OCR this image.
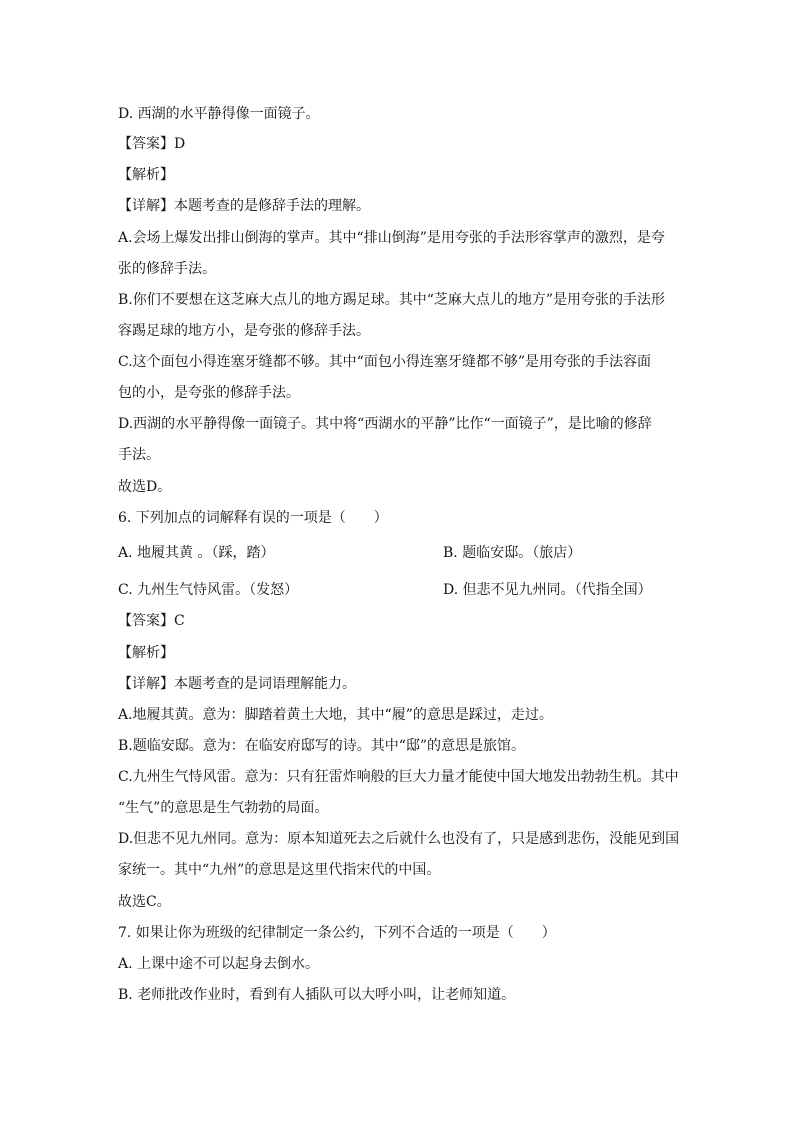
D. 西湖的水平静得像一面镜子。
【答案】D
【解析】
【详解】本题考查的是修辞手法的理解。
A.会场上爆发出排山倒海的掌声。其中“排山倒海”是用夸张的手法形容掌声的激烈，是夸
张的修辞手法。
B.你们不要想在这芝麻大点儿的地方踢足球。其中“芝麻大点儿的地方”是用夸张的手法形
容踢足球的地方小，是夸张的修辞手法。
C.这个面包小得连塞牙缝都不够。其中“面包小得连塞牙缝都不够”是用夸张的手法容面
包的小，是夸张的修辞手法。
D.西湖的水平静得像一面镜子。其中将“西湖水的平静”比作“一面镜子”，是比喻的修辞
手法。
故选D。
6. 下列加点的词解释有误的一项是（　　）
A. 地履其黄 。（踩，踏）	B. 题临安邸。（旅店）
C. 九州生气恃风雷。（发怒）	D. 但悲不见九州同。（代指全国）
【答案】C
【解析】
【详解】本题考查的是词语理解能力。
A.地履其黄。意为：脚踏着黄土大地，其中“履”的意思是踩过，走过。
B.题临安邸。意为：在临安府邸写的诗。其中“邸”的意思是旅馆。
C.九州生气恃风雷。意为：只有狂雷炸响般的巨大力量才能使中国大地发出勃勃生机。其中
“生气”的意思是生气勃勃的局面。
D.但悲不见九州同。意为：原本知道死去之后就什么也没有了，只是感到悲伤，没能见到国
家统一。其中“九州”的意思是这里代指宋代的中国。
故选C。
7. 如果让你为班级的纪律制定一条公约，下列不合适的一项是（　　）
A. 上课中途不可以起身去倒水。
B. 老师批改作业时，看到有人插队可以大呼小叫，让老师知道。
